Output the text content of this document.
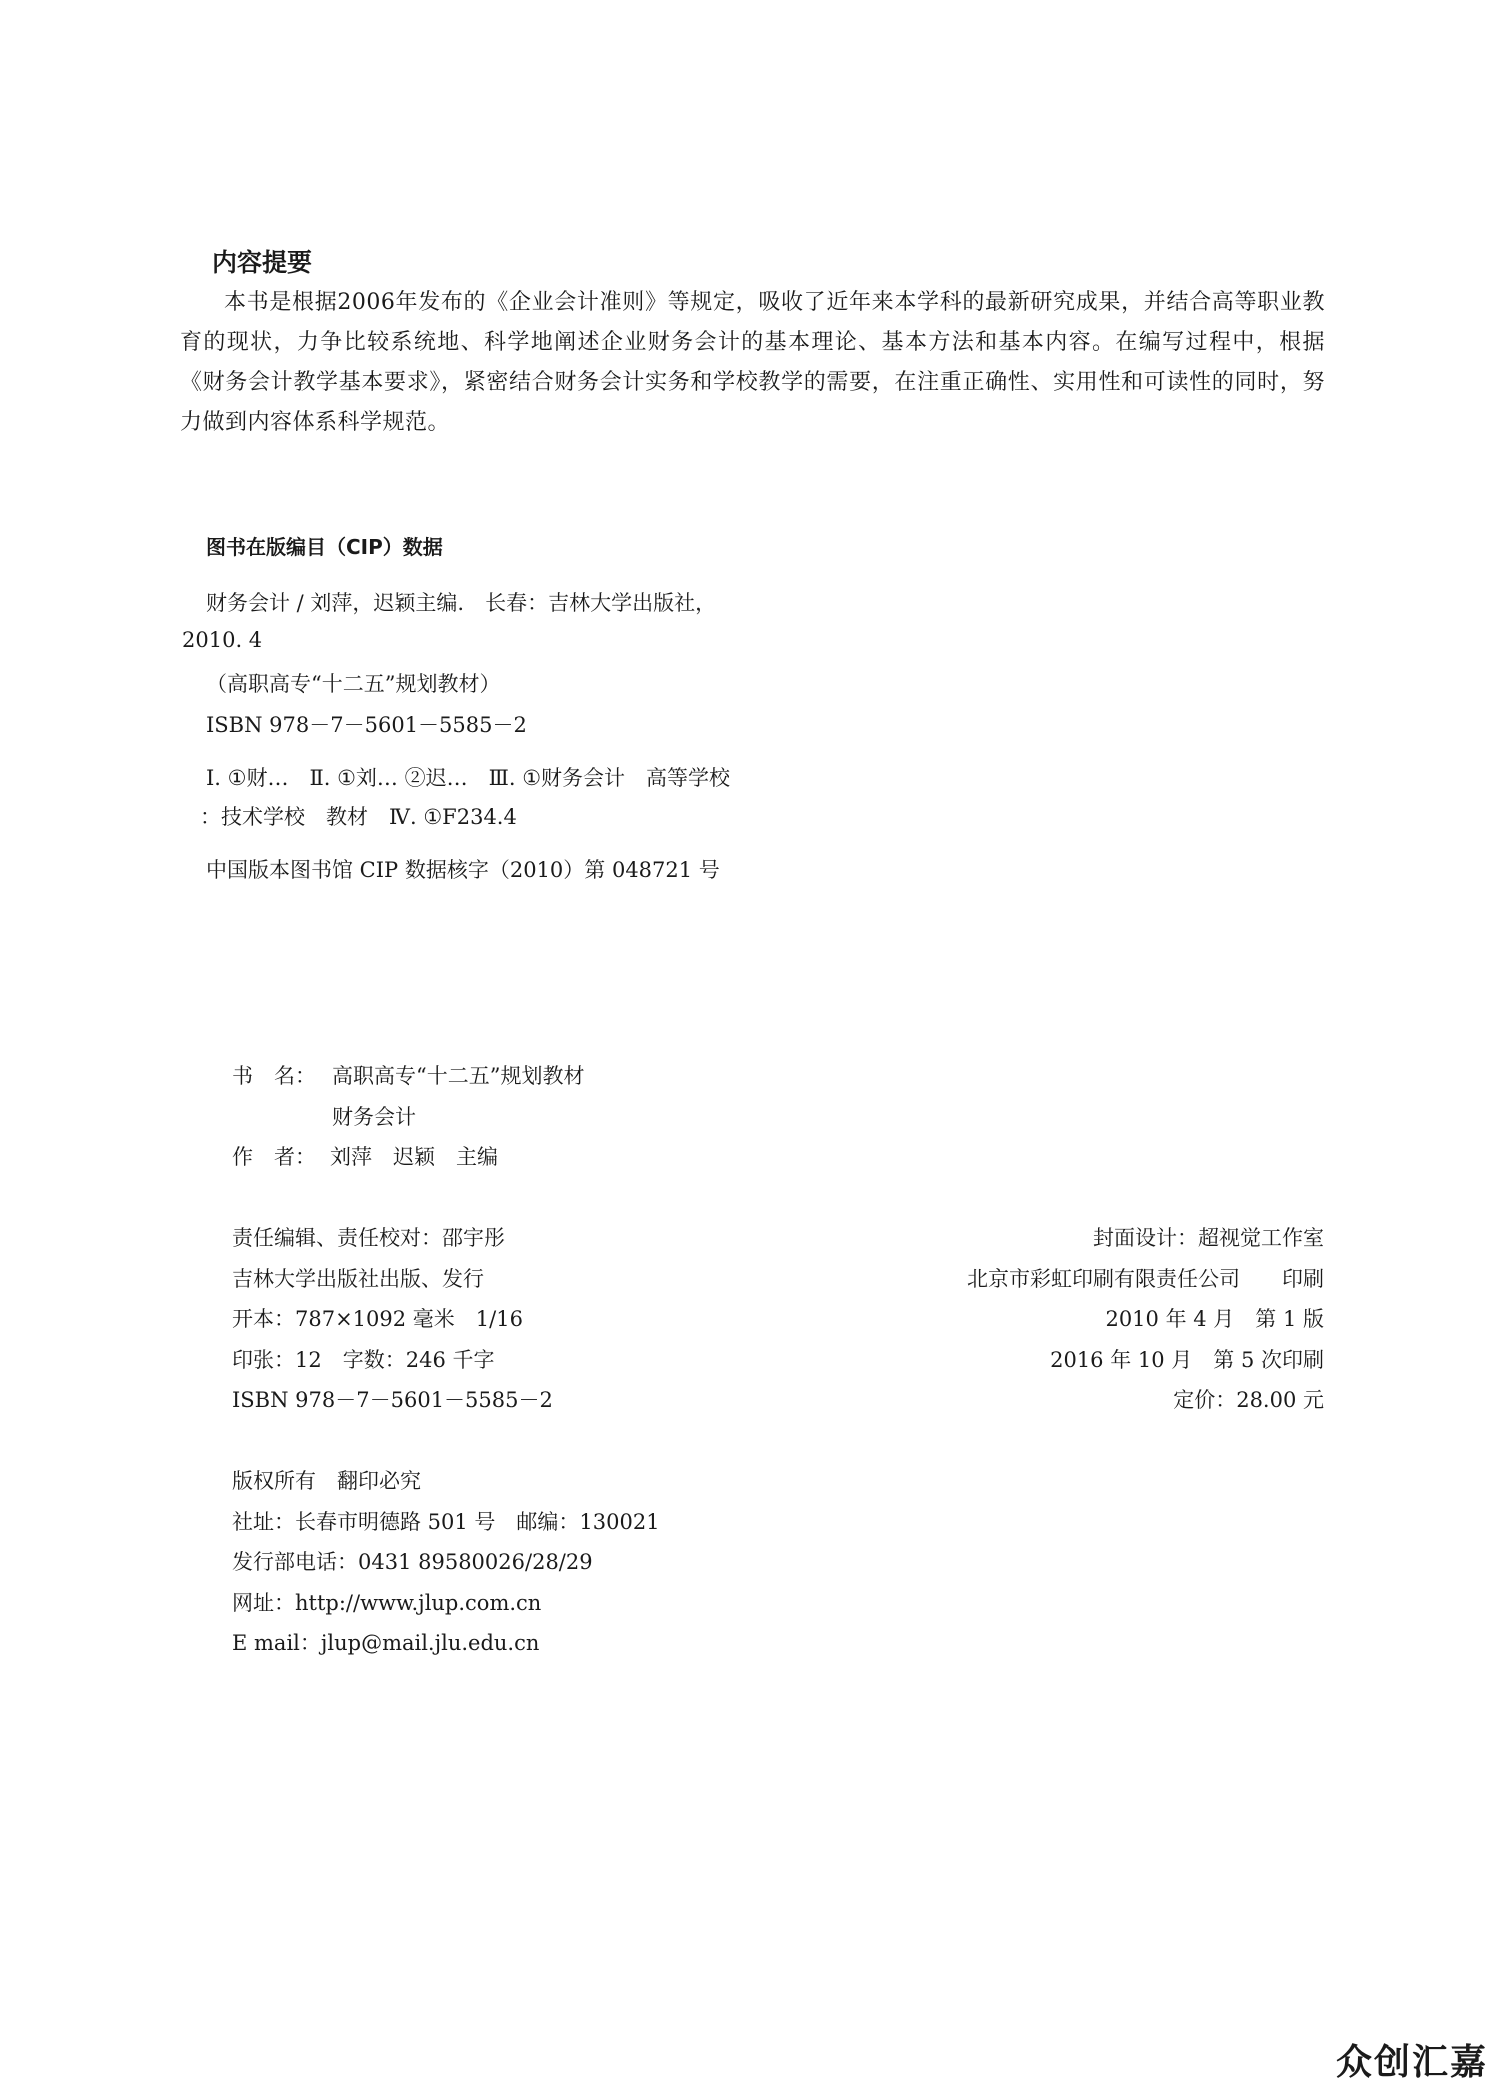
内容提要
本书是根据2006年发布的《企业会计准则》等规定，吸收了近年来本学科的最新研究成果，并结合高等职业教育的现状，力争比较系统地、科学地阐述企业财务会计的基本理论、基本方法和基本内容。在编写过程中，根据《财务会计教学基本要求》，紧密结合财务会计实务和学校教学的需要，在注重正确性、实用性和可读性的同时，努力做到内容体系科学规范。
图书在版编目（CIP）数据
财务会计 / 刘萍，迟颖主编.　长春：吉林大学出版社，
2010. 4
（高职高专“十二五”规划教材）
ISBN 978－7－5601－5585－2
Ⅰ. ①财…　Ⅱ. ①刘… ②迟…　Ⅲ. ①财务会计　高等学校
：技术学校　教材　Ⅳ. ①F234.4
中国版本图书馆 CIP 数据核字（2010）第 048721 号
书　名： 高职高专“十二五”规划教材
财务会计
作　者： 刘萍　迟颖　主编
责任编辑、责任校对：邵宇彤
吉林大学出版社出版、发行
开本：787×1092 毫米　1/16
印张：12　字数：246 千字
ISBN 978－7－5601－5585－2
封面设计：超视觉工作室
北京市彩虹印刷有限责任公司　　印刷
2010 年 4 月　第 1 版
2016 年 10 月　第 5 次印刷
定价：28.00 元
版权所有　翻印必究
社址：长春市明德路 501 号　邮编：130021
发行部电话：0431 89580026/28/29
网址：http://www.jlup.com.cn
E mail：jlup@mail.jlu.edu.cn
众创汇嘉
